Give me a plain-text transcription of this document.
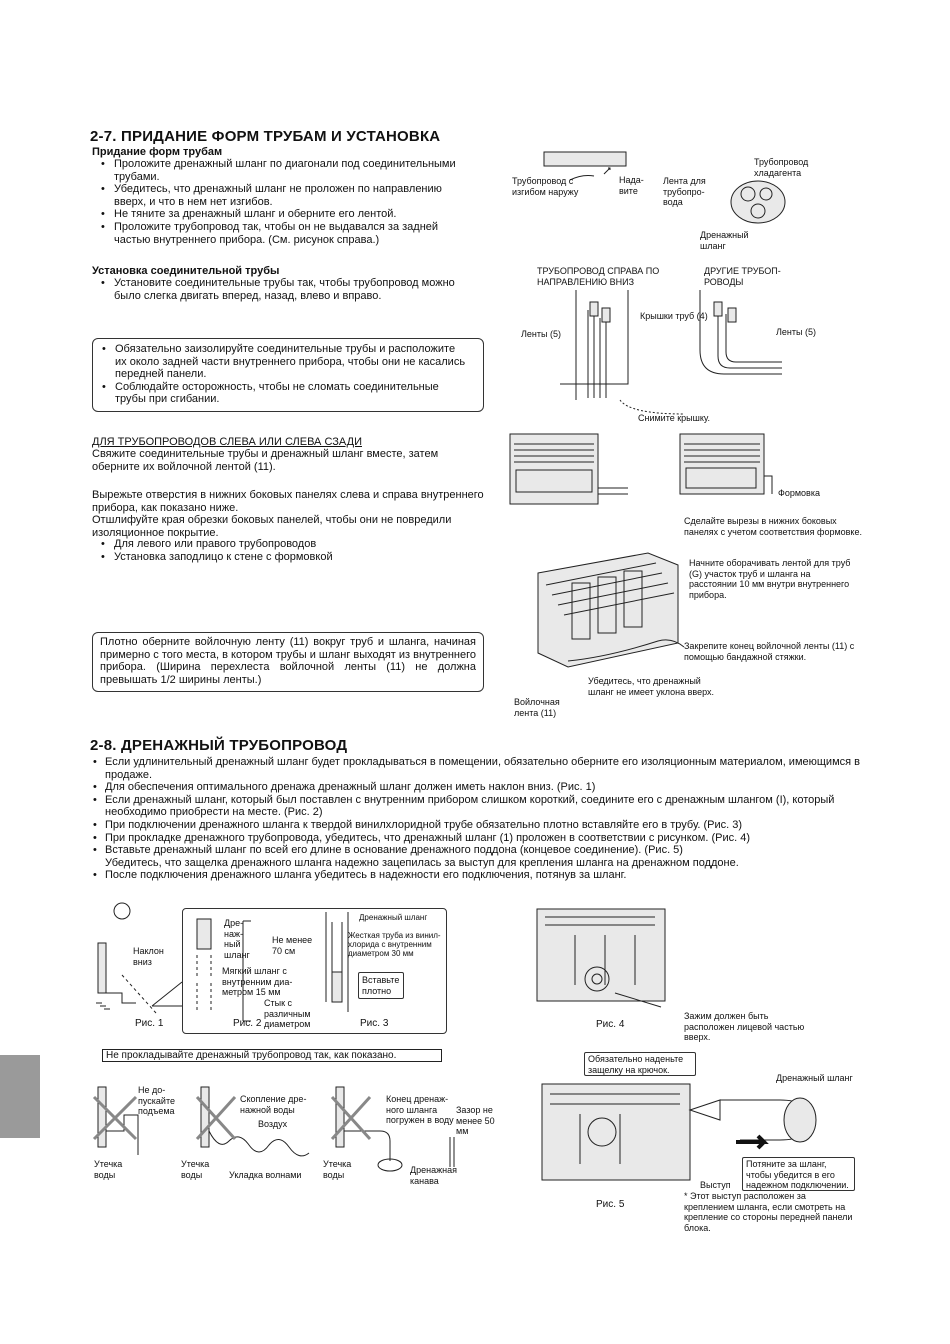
2-7. ПРИДАНИЕ ФОРМ ТРУБАМ И УСТАНОВКА
Придание форм трубам
• Проложите дренажный шланг по диагонали под соединительными трубами.
• Убедитесь, что дренажный шланг не проложен по направлению вверх, и что в нем нет изгибов.
• Не тяните за дренажный шланг и оберните его лентой.
• Проложите трубопровод так, чтобы он не выдавался за задней частью внутреннего прибора. (См. рисунок справа.)
Установка соединительной трубы
• Установите соединительные трубы так, чтобы трубопровод можно было слегка двигать вперед, назад, влево и вправо.
• Обязательно заизолируйте соединительные трубы и расположите их около задней части внутреннего прибора, чтобы они не касались передней панели.
• Соблюдайте осторожность, чтобы не сломать соединительные трубы при сгибании.
ДЛЯ ТРУБОПРОВОДОВ СЛЕВА ИЛИ СЛЕВА СЗАДИ
Свяжите соединительные трубы и дренажный шланг вместе, затем оберните их войлочной лентой (11).
Вырежьте отверстия в нижних боковых панелях слева и справа внутреннего прибора, как показано ниже.
Отшлифуйте края обрезки боковых панелей, чтобы они не повредили изоляционное покрытие.
• Для левого или правого трубопроводов
• Установка заподлицо к стене с формовкой
Плотно оберните войлочную ленту (11) вокруг труб и шланга, начиная примерно с того места, в котором трубы и шланг выходят из внутреннего прибора. (Ширина перехлеста войлочной ленты (11) не должна превышать 1/2 ширины ленты.)
Трубопровод с изгибом наружу
Нада-вите
Трубопровод хладагента
Лента для трубопро-вода
Дренажный шланг
ТРУБОПРОВОД СПРАВА ПО НАПРАВЛЕНИЮ ВНИЗ
ДРУГИЕ ТРУБОП-РОВОДЫ
Крышки труб (4)
Ленты (5)	Ленты (5)
Снимите крышку.
Формовка
Сделайте вырезы в нижних боковых панелях с учетом соответствия формовке.
Начните оборачивать лентой для труб (G) участок труб и шланга на расстоянии 10 мм внутри внутреннего прибора.
Закрепите конец войлочной ленты (11) с помощью бандажной стяжки.
Убедитесь, что дренажный шланг не имеет уклона вверх.
Войлочная лента (11)
2-8. ДРЕНАЖНЫЙ ТРУБОПРОВОД
• Если удлинительный дренажный шланг будет прокладываться в помещении, обязательно оберните его изоляционным материалом, имеющимся в продаже.
• Для обеспечения оптимального дренажа дренажный шланг должен иметь наклон вниз. (Рис. 1)
• Если дренажный шланг, который был поставлен с внутренним прибором слишком короткий, соедините его с дренажным шлангом (I), который необходимо приобрести на месте. (Рис. 2)
• При подключении дренажного шланга к твердой винилхлоридной трубе обязательно плотно вставляйте его в трубу. (Рис. 3)
• При прокладке дренажного трубопровода, убедитесь, что дренажный шланг (1) проложен в соответствии с рисунком. (Рис. 4)
• Вставьте дренажный шланг по всей его длине в основание дренажного поддона (концевое соединение). (Рис. 5)
Убедитесь, что защелка дренажного шланга надежно зацепилась за выступ для крепления шланга на дренажном поддоне.
• После подключения дренажного шланга убедитесь в надежности его подключения, потянув за шланг.
Наклон вниз
Рис. 1
Дре-наж-ный шланг
Не менее 70 см
Мягкий шланг с внутренним диа-метром 15 мм
Стык с различным диаметром
Рис. 2
Дренажный шланг
Жесткая труба из винил-хлорида с внутренним диаметром 30 мм
Вставьте плотно
Рис. 3	Рис. 4
Зажим должен быть расположен лицевой частью вверх.
Не прокладывайте дренажный трубопровод так, как показано.
Не до-пускайте подъема
Утечка воды
Скопление дре-нажной воды
Воздух
Утечка воды	Укладка волнами
Конец дренаж-ного шланга погружен в воду
Зазор не менее 50 мм
Утечка воды	Дренажная канава
Обязательно наденьте защелку на крючок.
Дренажный шланг
Потяните за шланг, чтобы убедится в его надежном подключении.
Выступ
* Этот выступ расположен за креплением шланга, если смотреть на крепление со стороны передней панели блока.
Рис. 5
